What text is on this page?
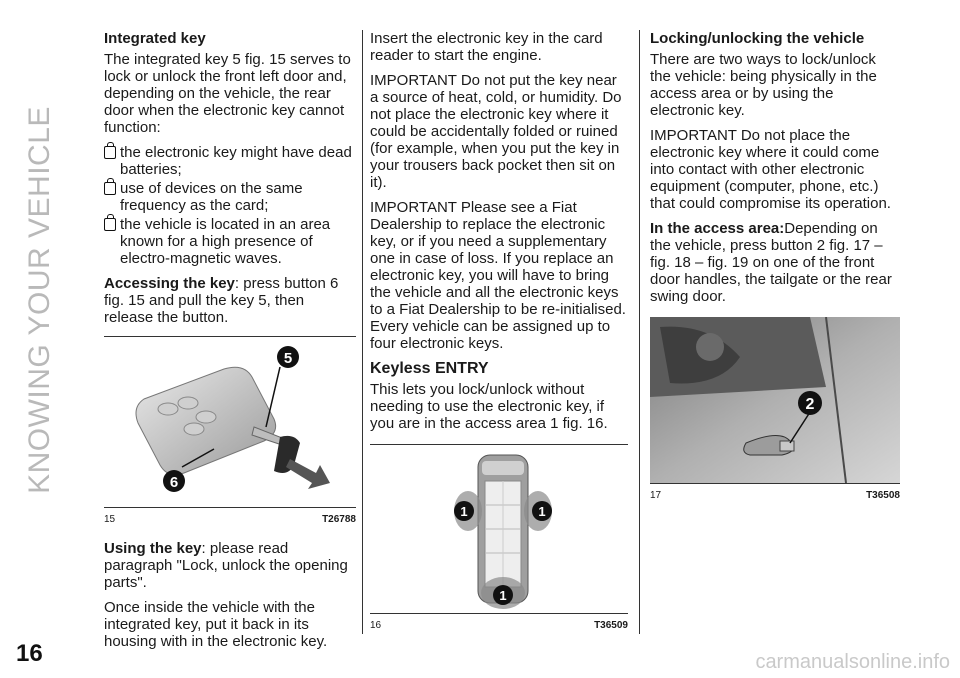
KNOWING YOUR VEHICLE
16	carmanualsonline.info
Integrated key

The integrated key 5 fig. 15 serves to lock or unlock the front left door and, depending on the vehicle, the rear door when the electronic key cannot function:

the electronic key might have dead batteries;
use of devices on the same frequency as the card;
the vehicle is located in an area known for a high presence of electro-magnetic waves.

Accessing the key: press button 6 fig. 15 and pull the key 5, then release the button.

5
6
15	T26788

Using the key: please read paragraph "Lock, unlock the opening parts".

Once inside the vehicle with the integrated key, put it back in its housing with in the electronic key.

Insert the electronic key in the card reader to start the engine.

IMPORTANT Do not put the key near a source of heat, cold, or humidity. Do not place the electronic key where it could be accidentally folded or ruined (for example, when you put the key in your trousers back pocket then sit on it).

IMPORTANT Please see a Fiat Dealership to replace the electronic key, or if you need a supplementary one in case of loss. If you replace an electronic key, you will have to bring the vehicle and all the electronic keys to a Fiat Dealership to be re-initialised. Every vehicle can be assigned up to four electronic keys.

Keyless ENTRY

This lets you lock/unlock without needing to use the electronic key, if you are in the access area 1 fig. 16.

1	1
1
16	T36509
Locking/unlocking the vehicle

There are two ways to lock/unlock the vehicle: being physically in the access area or by using the electronic key.

IMPORTANT Do not place the electronic key where it could come into contact with other electronic equipment (computer, phone, etc.) that could compromise its operation.

In the access area:Depending on the vehicle, press button 2 fig. 17 – fig. 18 – fig. 19 on one of the front door handles, the tailgate or the rear swing door.

2
17	T36508
